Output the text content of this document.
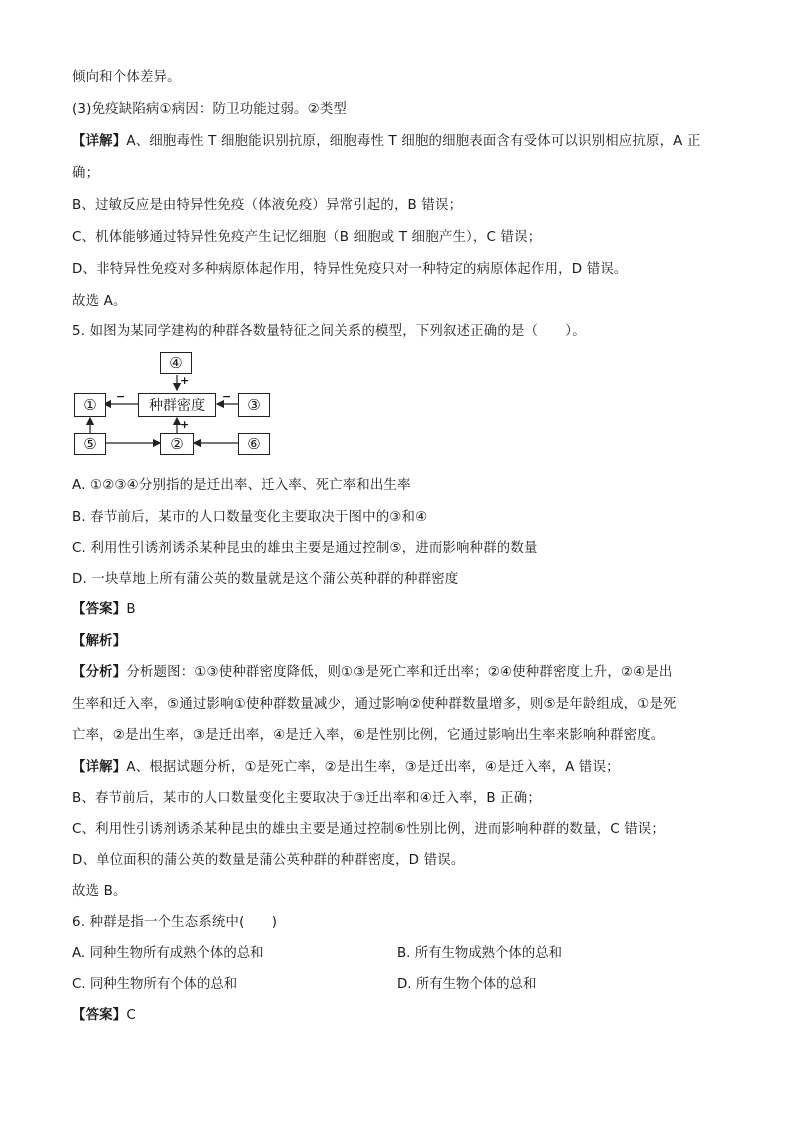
倾向和个体差异。
(3)免疫缺陷病①病因：防卫功能过弱。②类型
【详解】A、细胞毒性 T 细胞能识别抗原，细胞毒性 T 细胞的细胞表面含有受体可以识别相应抗原，A 正
确；
B、过敏反应是由特异性免疫（体液免疫）异常引起的，B 错误；
C、机体能够通过特异性免疫产生记忆细胞（B 细胞或 T 细胞产生），C 错误；
D、非特异性免疫对多种病原体起作用，特异性免疫只对一种特定的病原体起作用，D 错误。
故选 A。
5. 如图为某同学建构的种群各数量特征之间关系的模型，下列叙述正确的是（　　）。
④
种群密度
①	③
⑤	②	⑥
+
−	−
+
A. ①②③④分别指的是迁出率、迁入率、死亡率和出生率
B. 春节前后，某市的人口数量变化主要取决于图中的③和④
C. 利用性引诱剂诱杀某种昆虫的雄虫主要是通过控制⑤，进而影响种群的数量
D. 一块草地上所有蒲公英的数量就是这个蒲公英种群的种群密度
【答案】B
【解析】
【分析】分析题图：①③使种群密度降低，则①③是死亡率和迁出率；②④使种群密度上升，②④是出
生率和迁入率，⑤通过影响①使种群数量减少，通过影响②使种群数量增多，则⑤是年龄组成，①是死
亡率，②是出生率，③是迁出率，④是迁入率，⑥是性别比例，它通过影响出生率来影响种群密度。
【详解】A、根据试题分析，①是死亡率，②是出生率，③是迁出率，④是迁入率，A 错误；
B、春节前后，某市的人口数量变化主要取决于③迁出率和④迁入率，B 正确；
C、利用性引诱剂诱杀某种昆虫的雄虫主要是通过控制⑥性别比例，进而影响种群的数量，C 错误；
D、单位面积的蒲公英的数量是蒲公英种群的种群密度，D 错误。
故选 B。
6. 种群是指一个生态系统中(　　)
A. 同种生物所有成熟个体的总和	B. 所有生物成熟个体的总和
C. 同种生物所有个体的总和	D. 所有生物个体的总和
【答案】C
